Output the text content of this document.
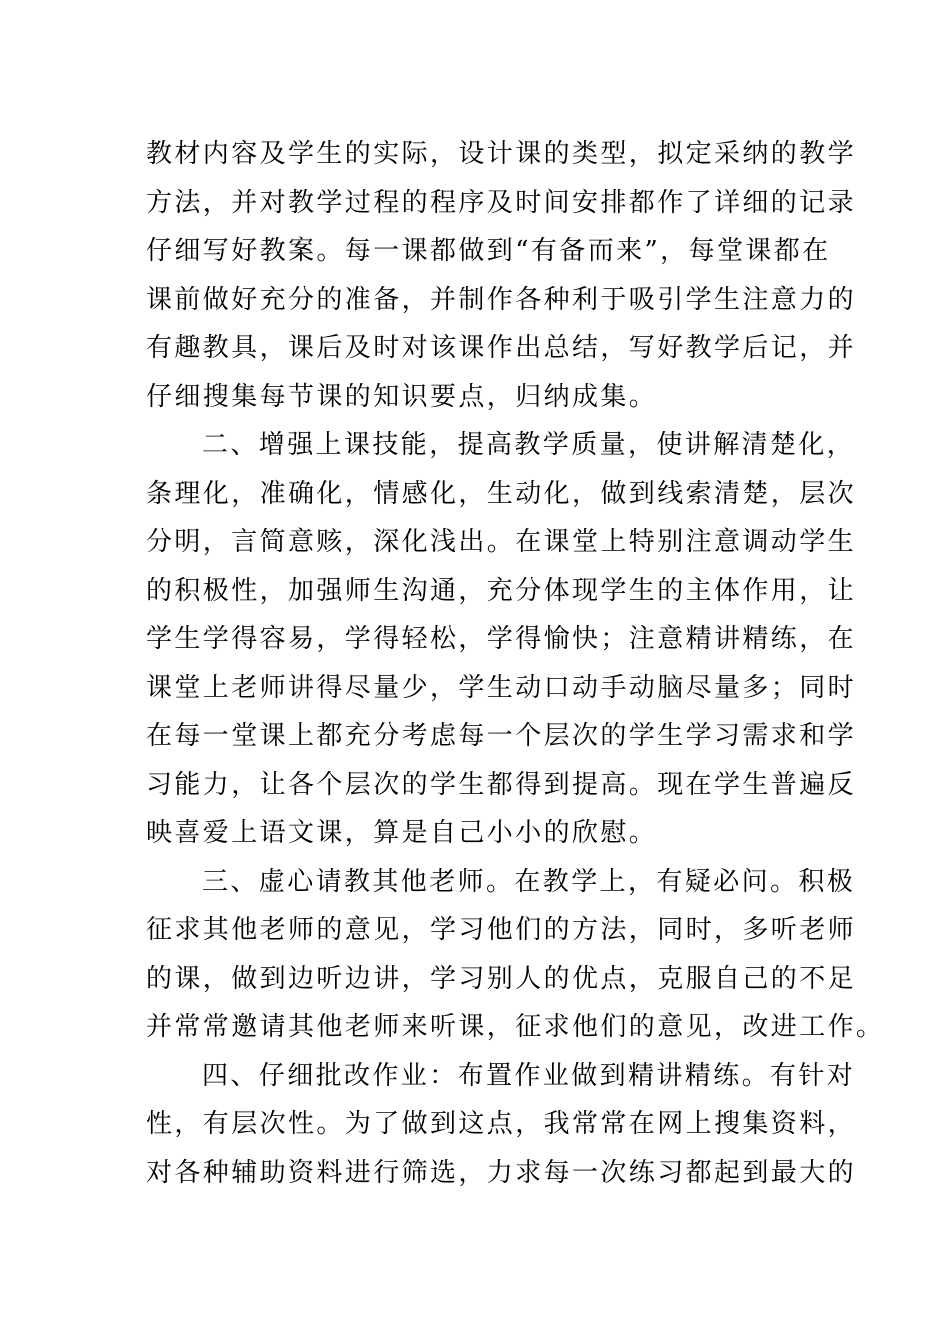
教材内容及学生的实际，设计课的类型，拟定采纳的教学
方法，并对教学过程的程序及时间安排都作了详细的记录
仔细写好教案。每一课都做到“有备而来”，每堂课都在
课前做好充分的准备，并制作各种利于吸引学生注意力的
有趣教具，课后及时对该课作出总结，写好教学后记，并
仔细搜集每节课的知识要点，归纳成集。
二、增强上课技能，提高教学质量，使讲解清楚化，
条理化，准确化，情感化，生动化，做到线索清楚，层次
分明，言简意赅，深化浅出。在课堂上特别注意调动学生
的积极性，加强师生沟通，充分体现学生的主体作用，让
学生学得容易，学得轻松，学得愉快；注意精讲精练，在
课堂上老师讲得尽量少，学生动口动手动脑尽量多；同时
在每一堂课上都充分考虑每一个层次的学生学习需求和学
习能力，让各个层次的学生都得到提高。现在学生普遍反
映喜爱上语文课，算是自己小小的欣慰。
三、虚心请教其他老师。在教学上，有疑必问。积极
征求其他老师的意见，学习他们的方法，同时，多听老师
的课，做到边听边讲，学习别人的优点，克服自己的不足
并常常邀请其他老师来听课，征求他们的意见，改进工作。
四、仔细批改作业：布置作业做到精讲精练。有针对
性，有层次性。为了做到这点，我常常在网上搜集资料，
对各种辅助资料进行筛选，力求每一次练习都起到最大的
